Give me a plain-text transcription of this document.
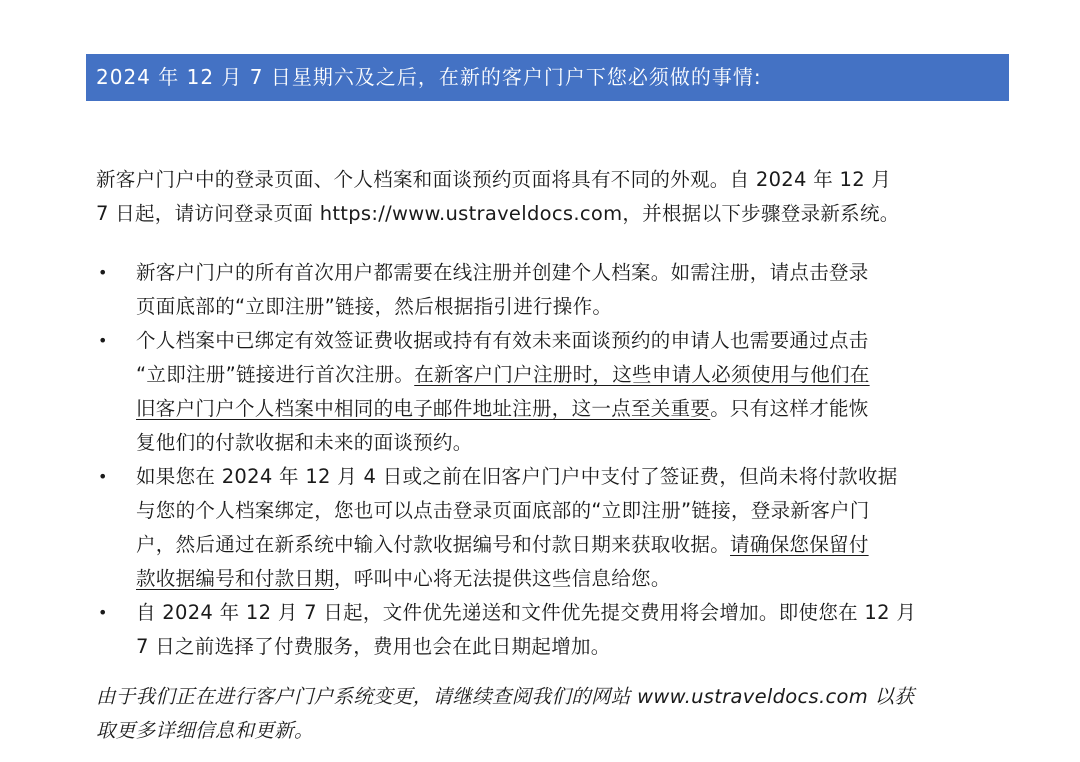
2024 年 12 月 7 日星期六及之后，在新的客户门户下您必须做的事情:
新客户门户中的登录页面、个人档案和面谈预约页面将具有不同的外观。自 2024 年 12 月
7 日起，请访问登录页面 https://www.ustraveldocs.com，并根据以下步骤登录新系统。
• 新客户门户的所有首次用户都需要在线注册并创建个人档案。如需注册，请点击登录
页面底部的“立即注册”链接，然后根据指引进行操作。
• 个人档案中已绑定有效签证费收据或持有有效未来面谈预约的申请人也需要通过点击
“立即注册”链接进行首次注册。在新客户门户注册时，这些申请人必须使用与他们在
旧客户门户个人档案中相同的电子邮件地址注册，这一点至关重要。只有这样才能恢
复他们的付款收据和未来的面谈预约。
• 如果您在 2024 年 12 月 4 日或之前在旧客户门户中支付了签证费，但尚未将付款收据
与您的个人档案绑定，您也可以点击登录页面底部的“立即注册”链接，登录新客户门
户，然后通过在新系统中输入付款收据编号和付款日期来获取收据。请确保您保留付
款收据编号和付款日期，呼叫中心将无法提供这些信息给您。
• 自 2024 年 12 月 7 日起，文件优先递送和文件优先提交费用将会增加。即使您在 12 月
7 日之前选择了付费服务，费用也会在此日期起增加。
由于我们正在进行客户门户系统变更，请继续查阅我们的网站 www.ustraveldocs.com 以获
取更多详细信息和更新。
